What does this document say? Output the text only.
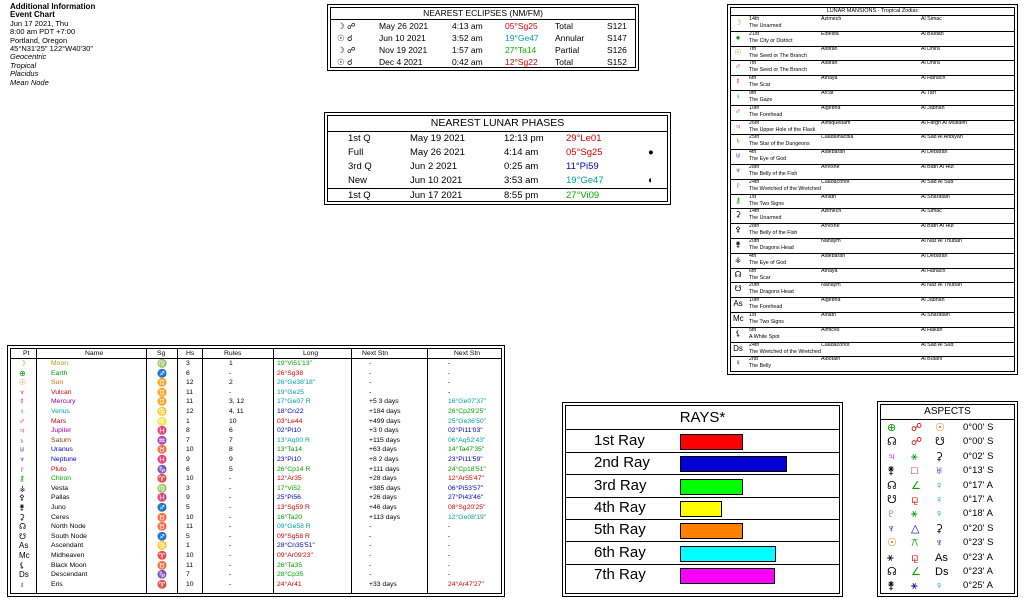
Additional Information
Event Chart
Jun 17 2021, Thu
8:00 am PDT +7:00
Portland, Oregon
45°N31'25" 122°W40'30"
Geocentric
Tropical
Placidus
Mean Node
NEAREST ECLIPSES (NM/FM)
☽ ☍	May 26 2021	4:13 am	05°Sg25 Total	S121
☉ ☌	Jun 10 2021	3:52 am	19°Ge47 Annular	S147
☽ ☍	Nov 19 2021	1:57 am	27°Ta14 Partial	S126
☉ ☌	Dec 4 2021	0:42 am	12°Sg22 Total	S152
NEAREST LUNAR PHASES
1st Q	May 19 2021	12:13 pm 29°Le01
Full	May 26 2021	4:14 am	05°Sg25	●
3rd Q	Jun 2 2021	0:25 am	11°Pi59
New	Jun 10 2021	3:53 am	19°Ge47	◐
1st Q	Jun 17 2021	8:55 pm	27°Vi09
LUNAR MANSIONS - Tropical Zodiac
☽ 14th	Azimech	Al Simac
The Unarmed
●	21st	Elbelda	Al Baldah
The City or District
☉ 7th	Aldirah	Al Dhira
The Seed or The Branch
♂	7th	Aldirah	Al Dhira
The Seed or The Branch
☿	6th	Athaya	Al Hanach
The Scar
♀	9th	Arcaf	Al Tarf
The Gaze
♂	10th	Algebha	Al Jabhah
The Forehead
♃	26th	Almiquedam	Al Fargh Al Mukdim
The Upper Hole of the Flask
♄	25th	Caadalhacbia	Al Sad Al Ahbiyah
The Star of the Dungeons
♅	4th	Aldebaran	Al Debaran
The Eye of God
♆	28th	Arrexhe	Al Batn Al Hut
The Belly of the Fish
♇	24th	Caadacohot	Al Sad Al Sud
The Wretched of the Wretched
⚷	1st	Alnath	Al Sharatain
The Two Signs
⚳	14th	Azimech	Al Simac
The Unarmed
⚴	28th	Arrexhe	Al Batn Al Hut
The Belly of the Fish
⚵	20th	Nahaym	Al Naz Al Thuban
The Dragons Head
⚶	4th	Aldebaran	Al Debaran
The Eye of God
☊ 6th	Athaya	Al Hanach
The Scar
☋ 20th	Nahaym	Al Naz Al Thuban
The Dragons Head
As 10th	Algebha	Al Jabhah
The Forehead
Mc 1st	Alnath	Al Sharatain
The Two Signs
⚸	5th	Almices	Al Hakah
A White Spot
Ds 24th	Caadacohot	Al Sad Al Sud
The Wretched of the Wretched
♀	2nd	Albotain	Al Butani
The Belly
Pt	Name	Sg	Hs	Rules	Long	Next Stn	Next Stn
☽	Moon	♍	3	1	19°Vi51'13"	-	-
⊕	Earth	♐	6	-	26°Sg38	-	-
☉	Sun	♊	12	2	26°Ge38'18"	-	-
♆	Vulcan	♊	11	-	19°Ge25	-	-
☿	Mercury	♊	11	3, 12	17°Ge07 R	+5 3 days	16°Ge07'37"
♀	Venus	♋	12	4, 11	18°Cn22	+184 days	26°Cp29'25"
♂	Mars	♌	1	10	03°Le44	+499 days	25°Ge36'50"
♃	Jupiter	♓	8	6	02°Pi10	+3 0 days	02°Pi11'03"
♄	Saturn	♒	7	7	13°Aq00 R	+115 days	06°Aq52'43"
♅	Uranus	♉	10	8	13°Ta14	+63 days	14°Ta47'35"
♆	Neptune	♓	9	9	23°Pi10	+8 2 days	23°Pi11'59"
♇	Pluto	♑	6	5	26°Cp14 R	+111 days	24°Cp18'51"
⚷	Chiron	♈	10	-	12°Ar35	+28 days	12°Ar55'47"
⚶	Vesta	♍	3	-	17°Vi52	+385 days	06°Pi53'57"
⚴	Pallas	♓	9	-	25°Pi56	+26 days	27°Pi43'46"
⚵	Juno	♐	5	-	13°Sg59 R	+46 days	08°Sg20'25"
⚳	Ceres	♉	10	-	16°Ta20	+113 days	12°Ge08'19"
☊	North Node	♉	11	-	09°Ge58 R	-	-
☋	South Node	♐	5	-	09°Sg58 R	-	-
As	Ascendant	♋	1	-	28°Cn35'51"	-	-
Mc	Midheaven	♈	10	-	09°Ar09'23"	-	-
⚸	Black Moon	♉	11	-	26°Ta35	-	-
Ds	Descendant	♑	7	-	28°Cp35	-	-
♁	Eris	♈	10	-	24°Ar41	+33 days	24°Ar47'27"
RAYS*
1st Ray
2nd Ray
3rd Ray
4th Ray
5th Ray
6th Ray
7th Ray
ASPECTS
⊕ ☍ ☉ 0°00' S
☊ ☍ ☋ 0°00' S
♃ ⚹ ⚳ 0°02' S
⚵ □ ♅ 0°13' S
☊ ∠ ♀ 0°17' A
☋ ⚼ ♀ 0°17' A
♇ ⚹ ♀ 0°18' A
♆ △ ⚳ 0°20' S
☉ ⚻ ♆ 0°23' S
⚹ ⚼ As 0°23' A
☊ ∠ Ds 0°23' A
⚵ ⚹ ♀ 0°25' A
